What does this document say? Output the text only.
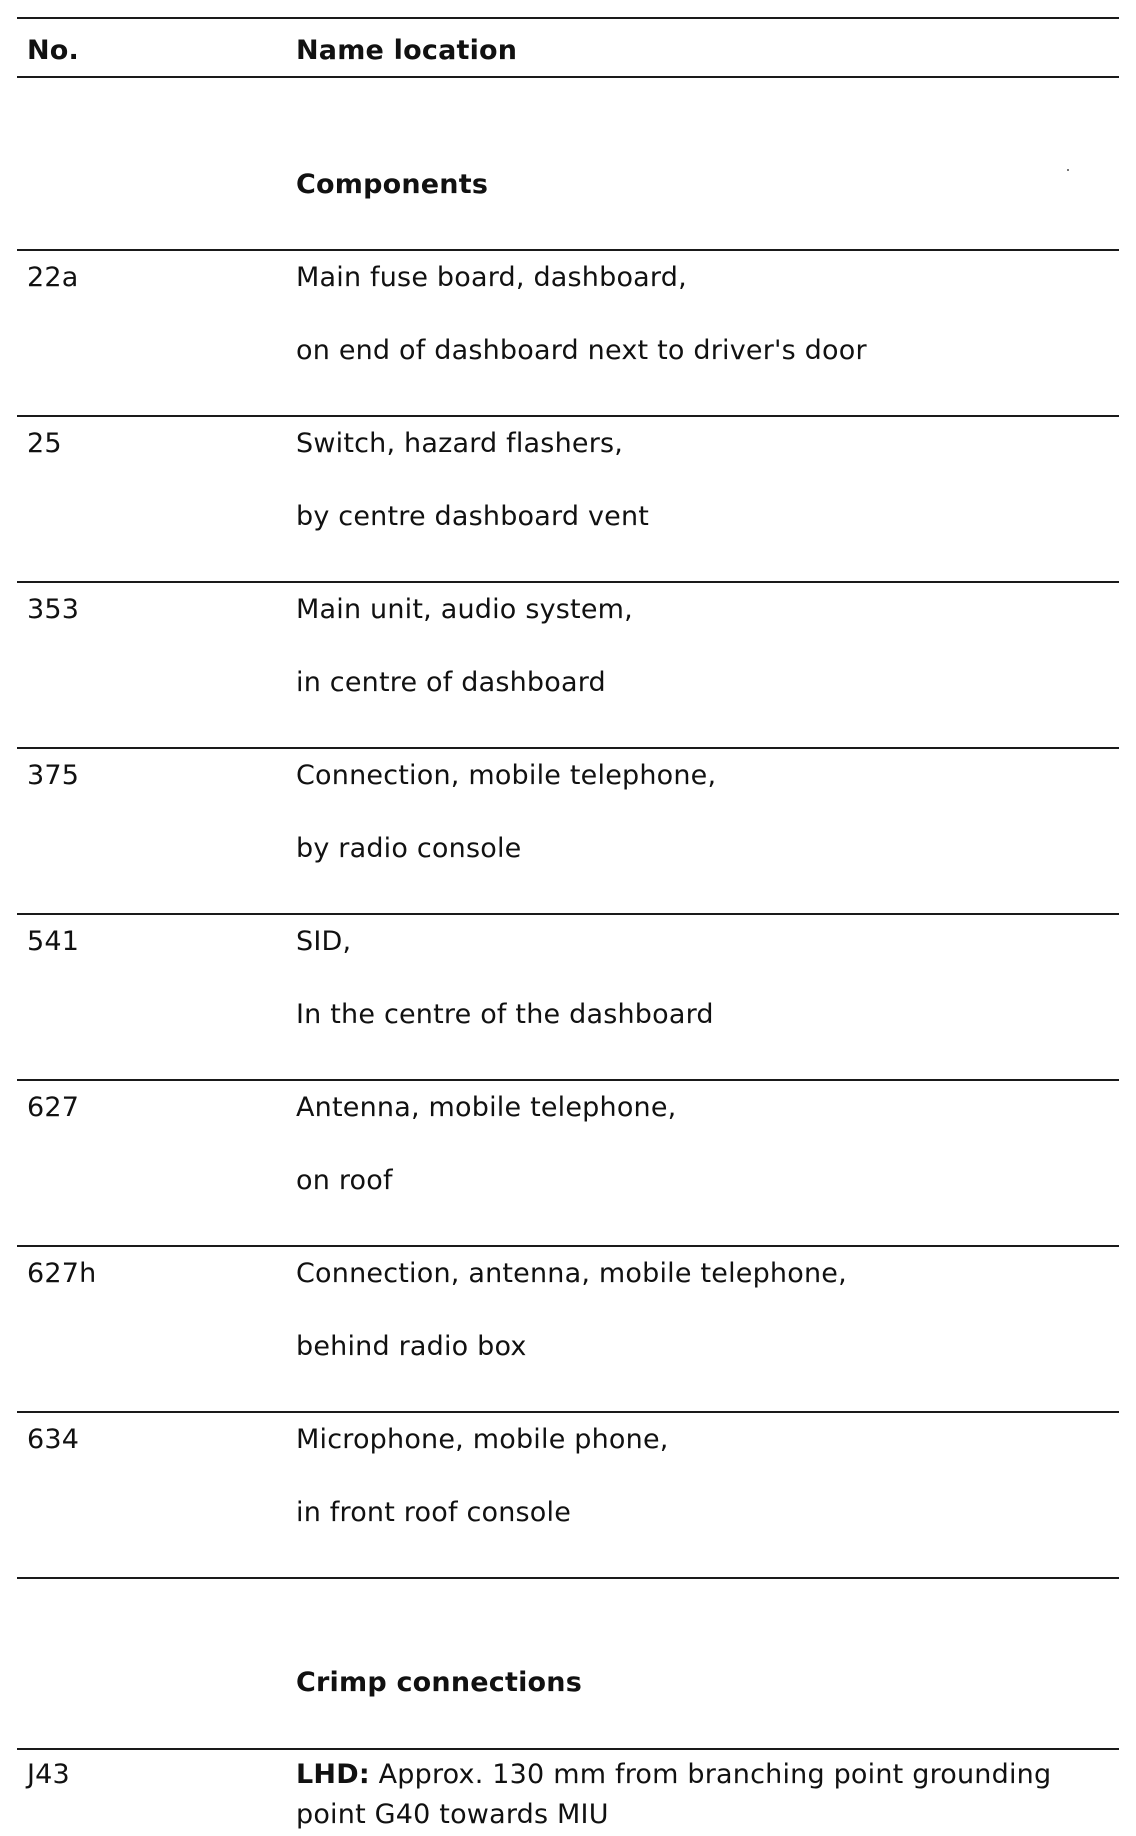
No.	Name location
Components
22a	Main fuse board, dashboard,
on end of dashboard next to driver's door
25	Switch, hazard flashers,
by centre dashboard vent
353	Main unit, audio system,
in centre of dashboard
375	Connection, mobile telephone,
by radio console
541	SID,
In the centre of the dashboard
627	Antenna, mobile telephone,
on roof
627h	Connection, antenna, mobile telephone,
behind radio box
634	Microphone, mobile phone,
in front roof console
Crimp connections
J43	LHD: Approx. 130 mm from branching point grounding
point G40 towards MIU
